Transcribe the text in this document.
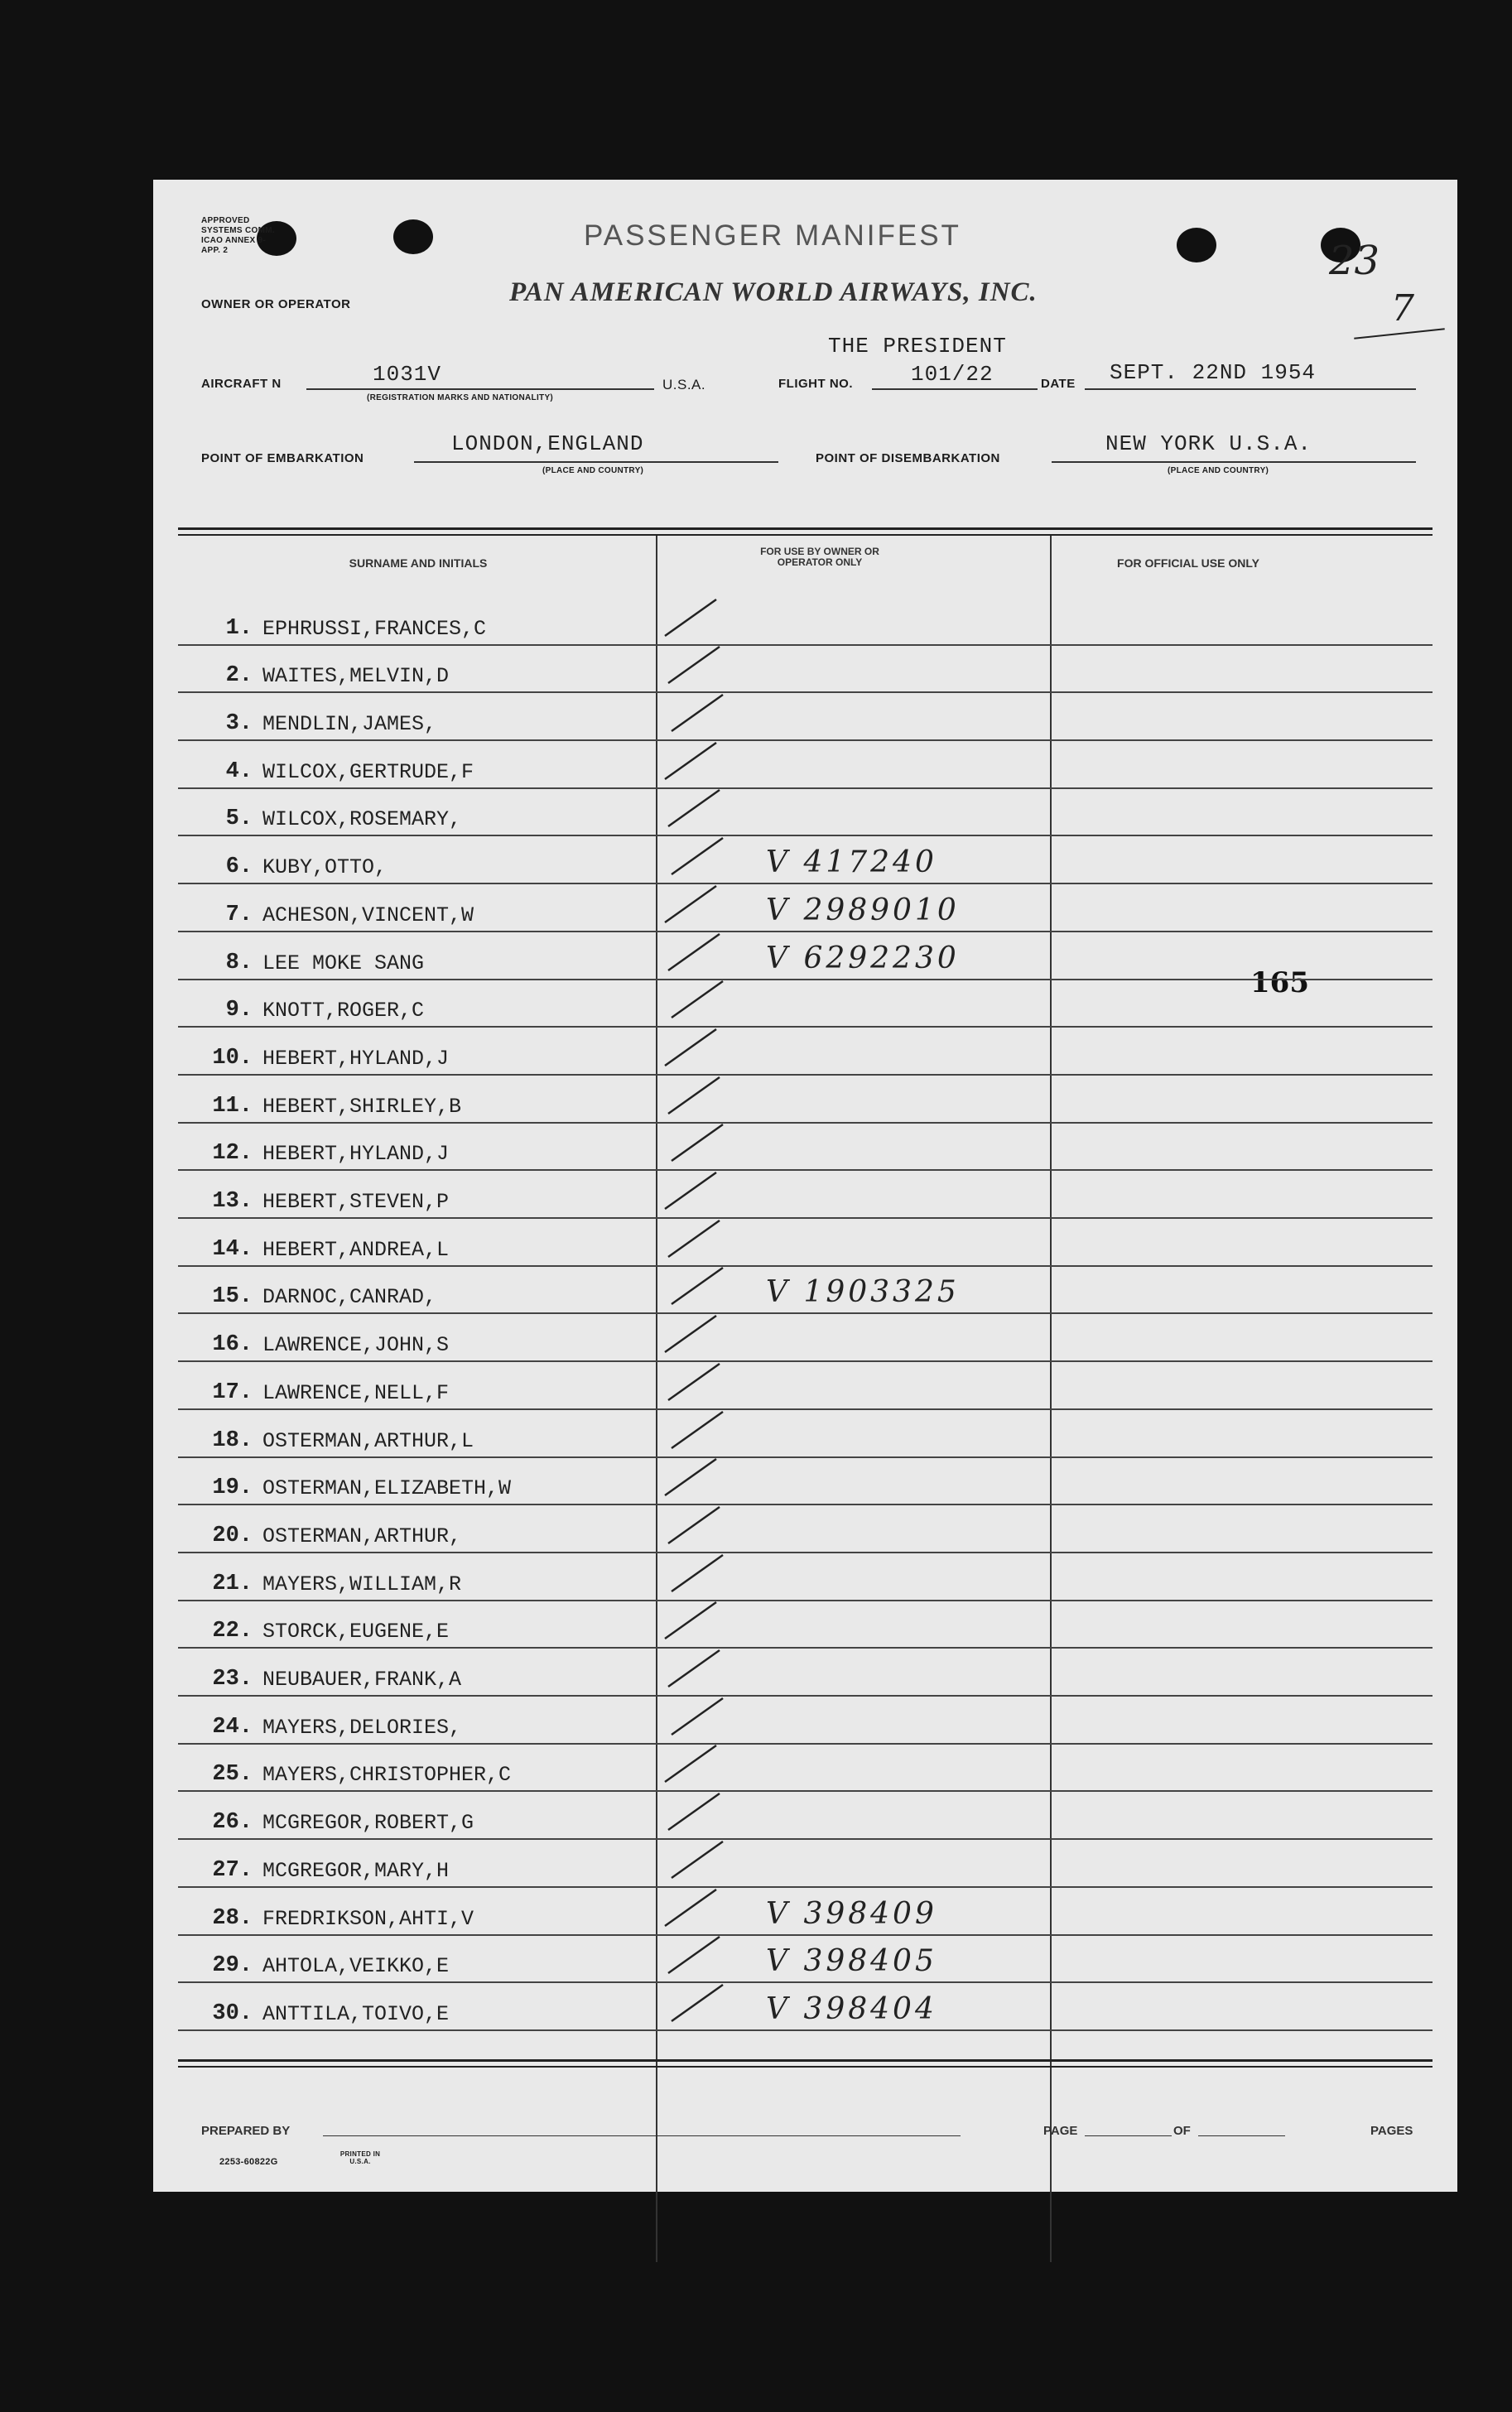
APPROVED SYSTEMS COMM. ICAO ANNEX 9-APP. 2	PASSENGER MANIFEST
23
7
OWNER OR OPERATOR	PAN AMERICAN WORLD AIRWAYS, INC.
THE PRESIDENT
AIRCRAFT N	1031V
(REGISTRATION MARKS AND NATIONALITY)
U.S.A.	FLIGHT NO.	101/22	DATE SEPT. 22ND 1954
POINT OF EMBARKATION
LONDON,ENGLAND
(PLACE AND COUNTRY)
POINT OF DISEMBARKATION
NEW YORK U.S.A.
(PLACE AND COUNTRY)
SURNAME AND INITIALS
FOR USE BY OWNER OR OPERATOR ONLY	FOR OFFICIAL USE ONLY
165
1. EPHRUSSI,FRANCES,C
2. WAITES,MELVIN,D
3. MENDLIN,JAMES,
4. WILCOX,GERTRUDE,F
5. WILCOX,ROSEMARY,
6. KUBY,OTTO,	V 417240
7. ACHESON,VINCENT,W	V 2989010
8. LEE MOKE SANG	V 6292230
9. KNOTT,ROGER,C
10. HEBERT,HYLAND,J
11. HEBERT,SHIRLEY,B
12. HEBERT,HYLAND,J
13. HEBERT,STEVEN,P
14. HEBERT,ANDREA,L
15. DARNOC,CANRAD,	V 1903325
16. LAWRENCE,JOHN,S
17. LAWRENCE,NELL,F
18. OSTERMAN,ARTHUR,L
19. OSTERMAN,ELIZABETH,W
20. OSTERMAN,ARTHUR,
21. MAYERS,WILLIAM,R
22. STORCK,EUGENE,E
23. NEUBAUER,FRANK,A
24. MAYERS,DELORIES,
25. MAYERS,CHRISTOPHER,C
26. MCGREGOR,ROBERT,G
27. MCGREGOR,MARY,H
28. FREDRIKSON,AHTI,V	V 398409
29. AHTOLA,VEIKKO,E	V 398405
30. ANTTILA,TOIVO,E	V 398404
PREPARED BY	PAGE	OF	PAGES
2253-60822G
PRINTED IN U.S.A.
